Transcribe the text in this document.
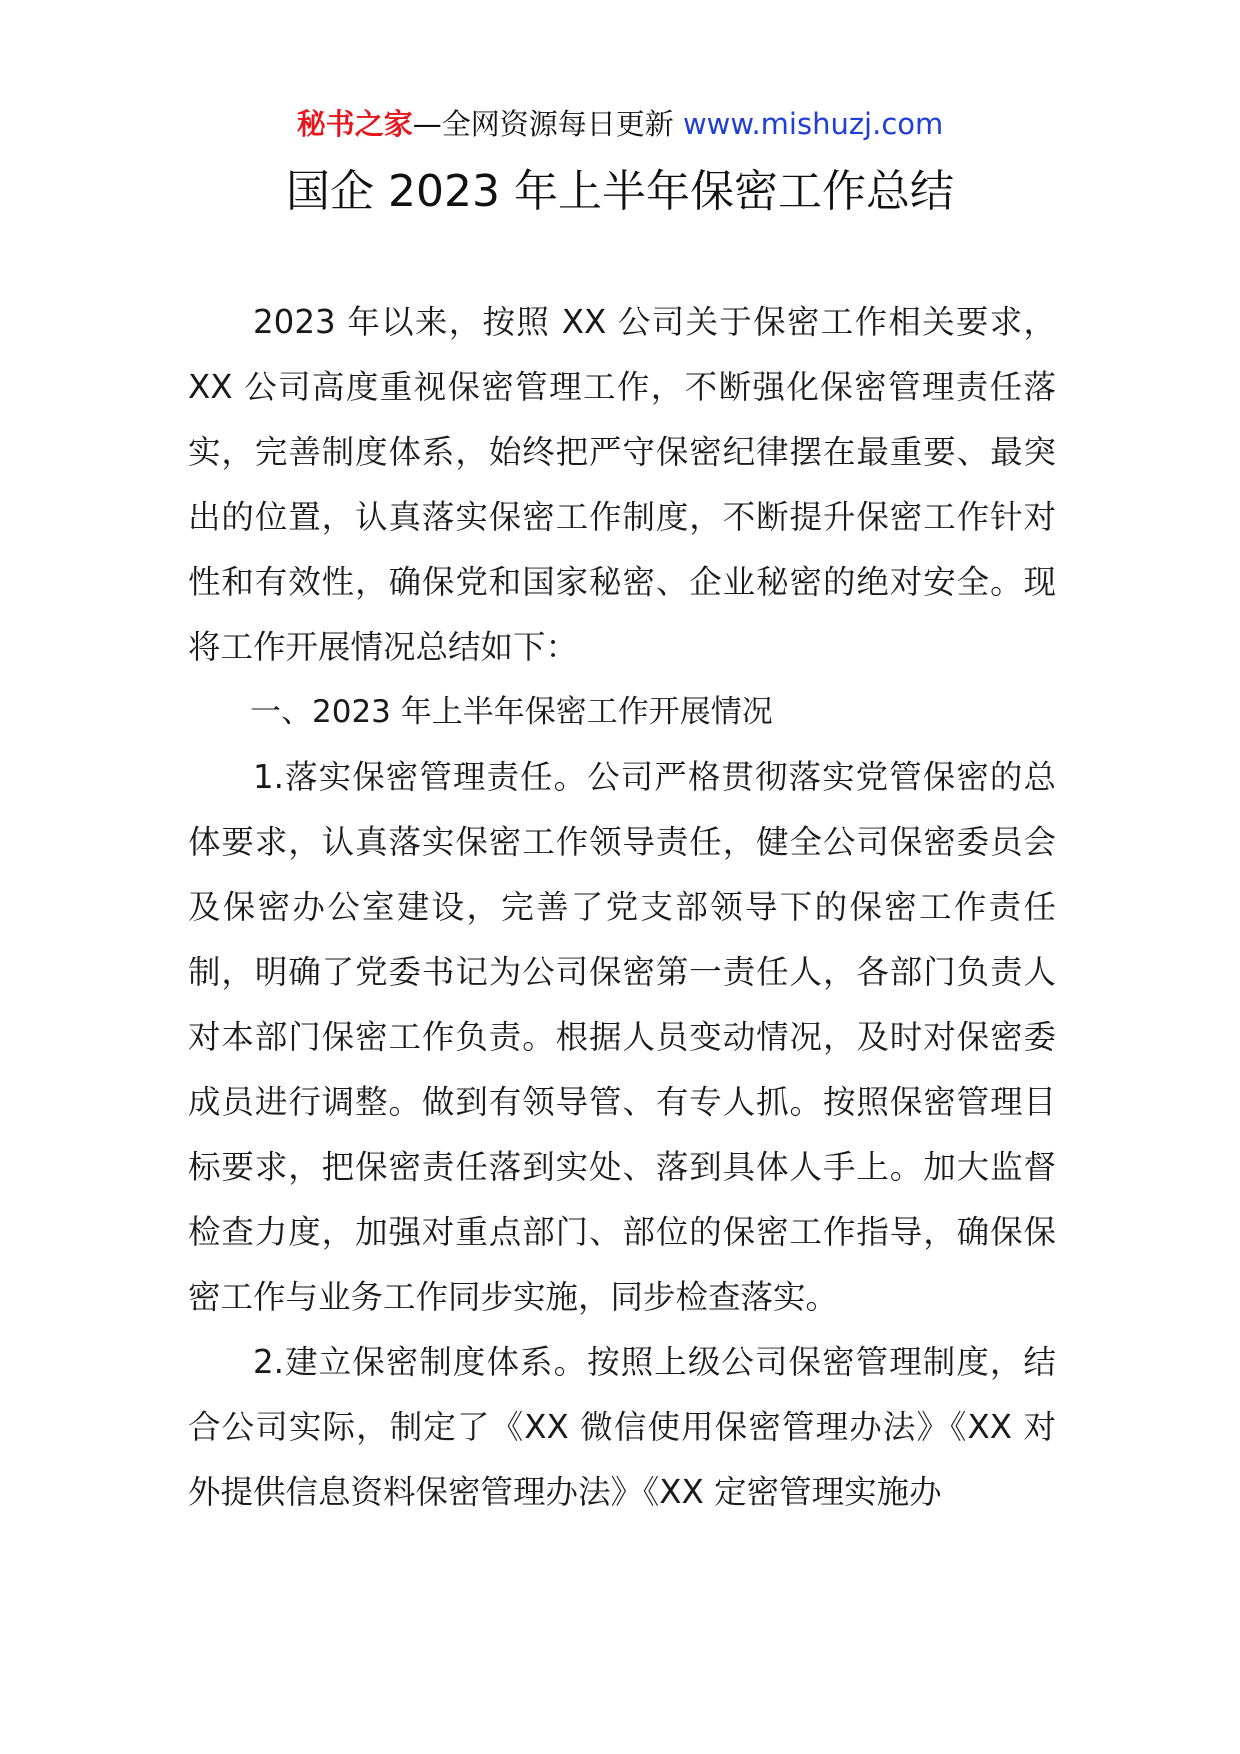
秘书之家—全网资源每日更新 www.mishuzj.com
国企 2023 年上半年保密工作总结

2023 年以来，按照 XX 公司关于保密工作相关要求，XX 公司高度重视保密管理工作，不断强化保密管理责任落实，完善制度体系，始终把严守保密纪律摆在最重要、最突出的位置，认真落实保密工作制度，不断提升保密工作针对性和有效性，确保党和国家秘密、企业秘密的绝对安全。现将工作开展情况总结如下：

一、2023 年上半年保密工作开展情况

1.落实保密管理责任。公司严格贯彻落实党管保密的总体要求，认真落实保密工作领导责任，健全公司保密委员会及保密办公室建设，完善了党支部领导下的保密工作责任制，明确了党委书记为公司保密第一责任人，各部门负责人对本部门保密工作负责。根据人员变动情况，及时对保密委成员进行调整。做到有领导管、有专人抓。按照保密管理目标要求，把保密责任落到实处、落到具体人手上。加大监督检查力度，加强对重点部门、部位的保密工作指导，确保保密工作与业务工作同步实施，同步检查落实。

2.建立保密制度体系。按照上级公司保密管理制度，结合公司实际，制定了《XX 微信使用保密管理办法》《XX 对外提供信息资料保密管理办法》《XX 定密管理实施办
